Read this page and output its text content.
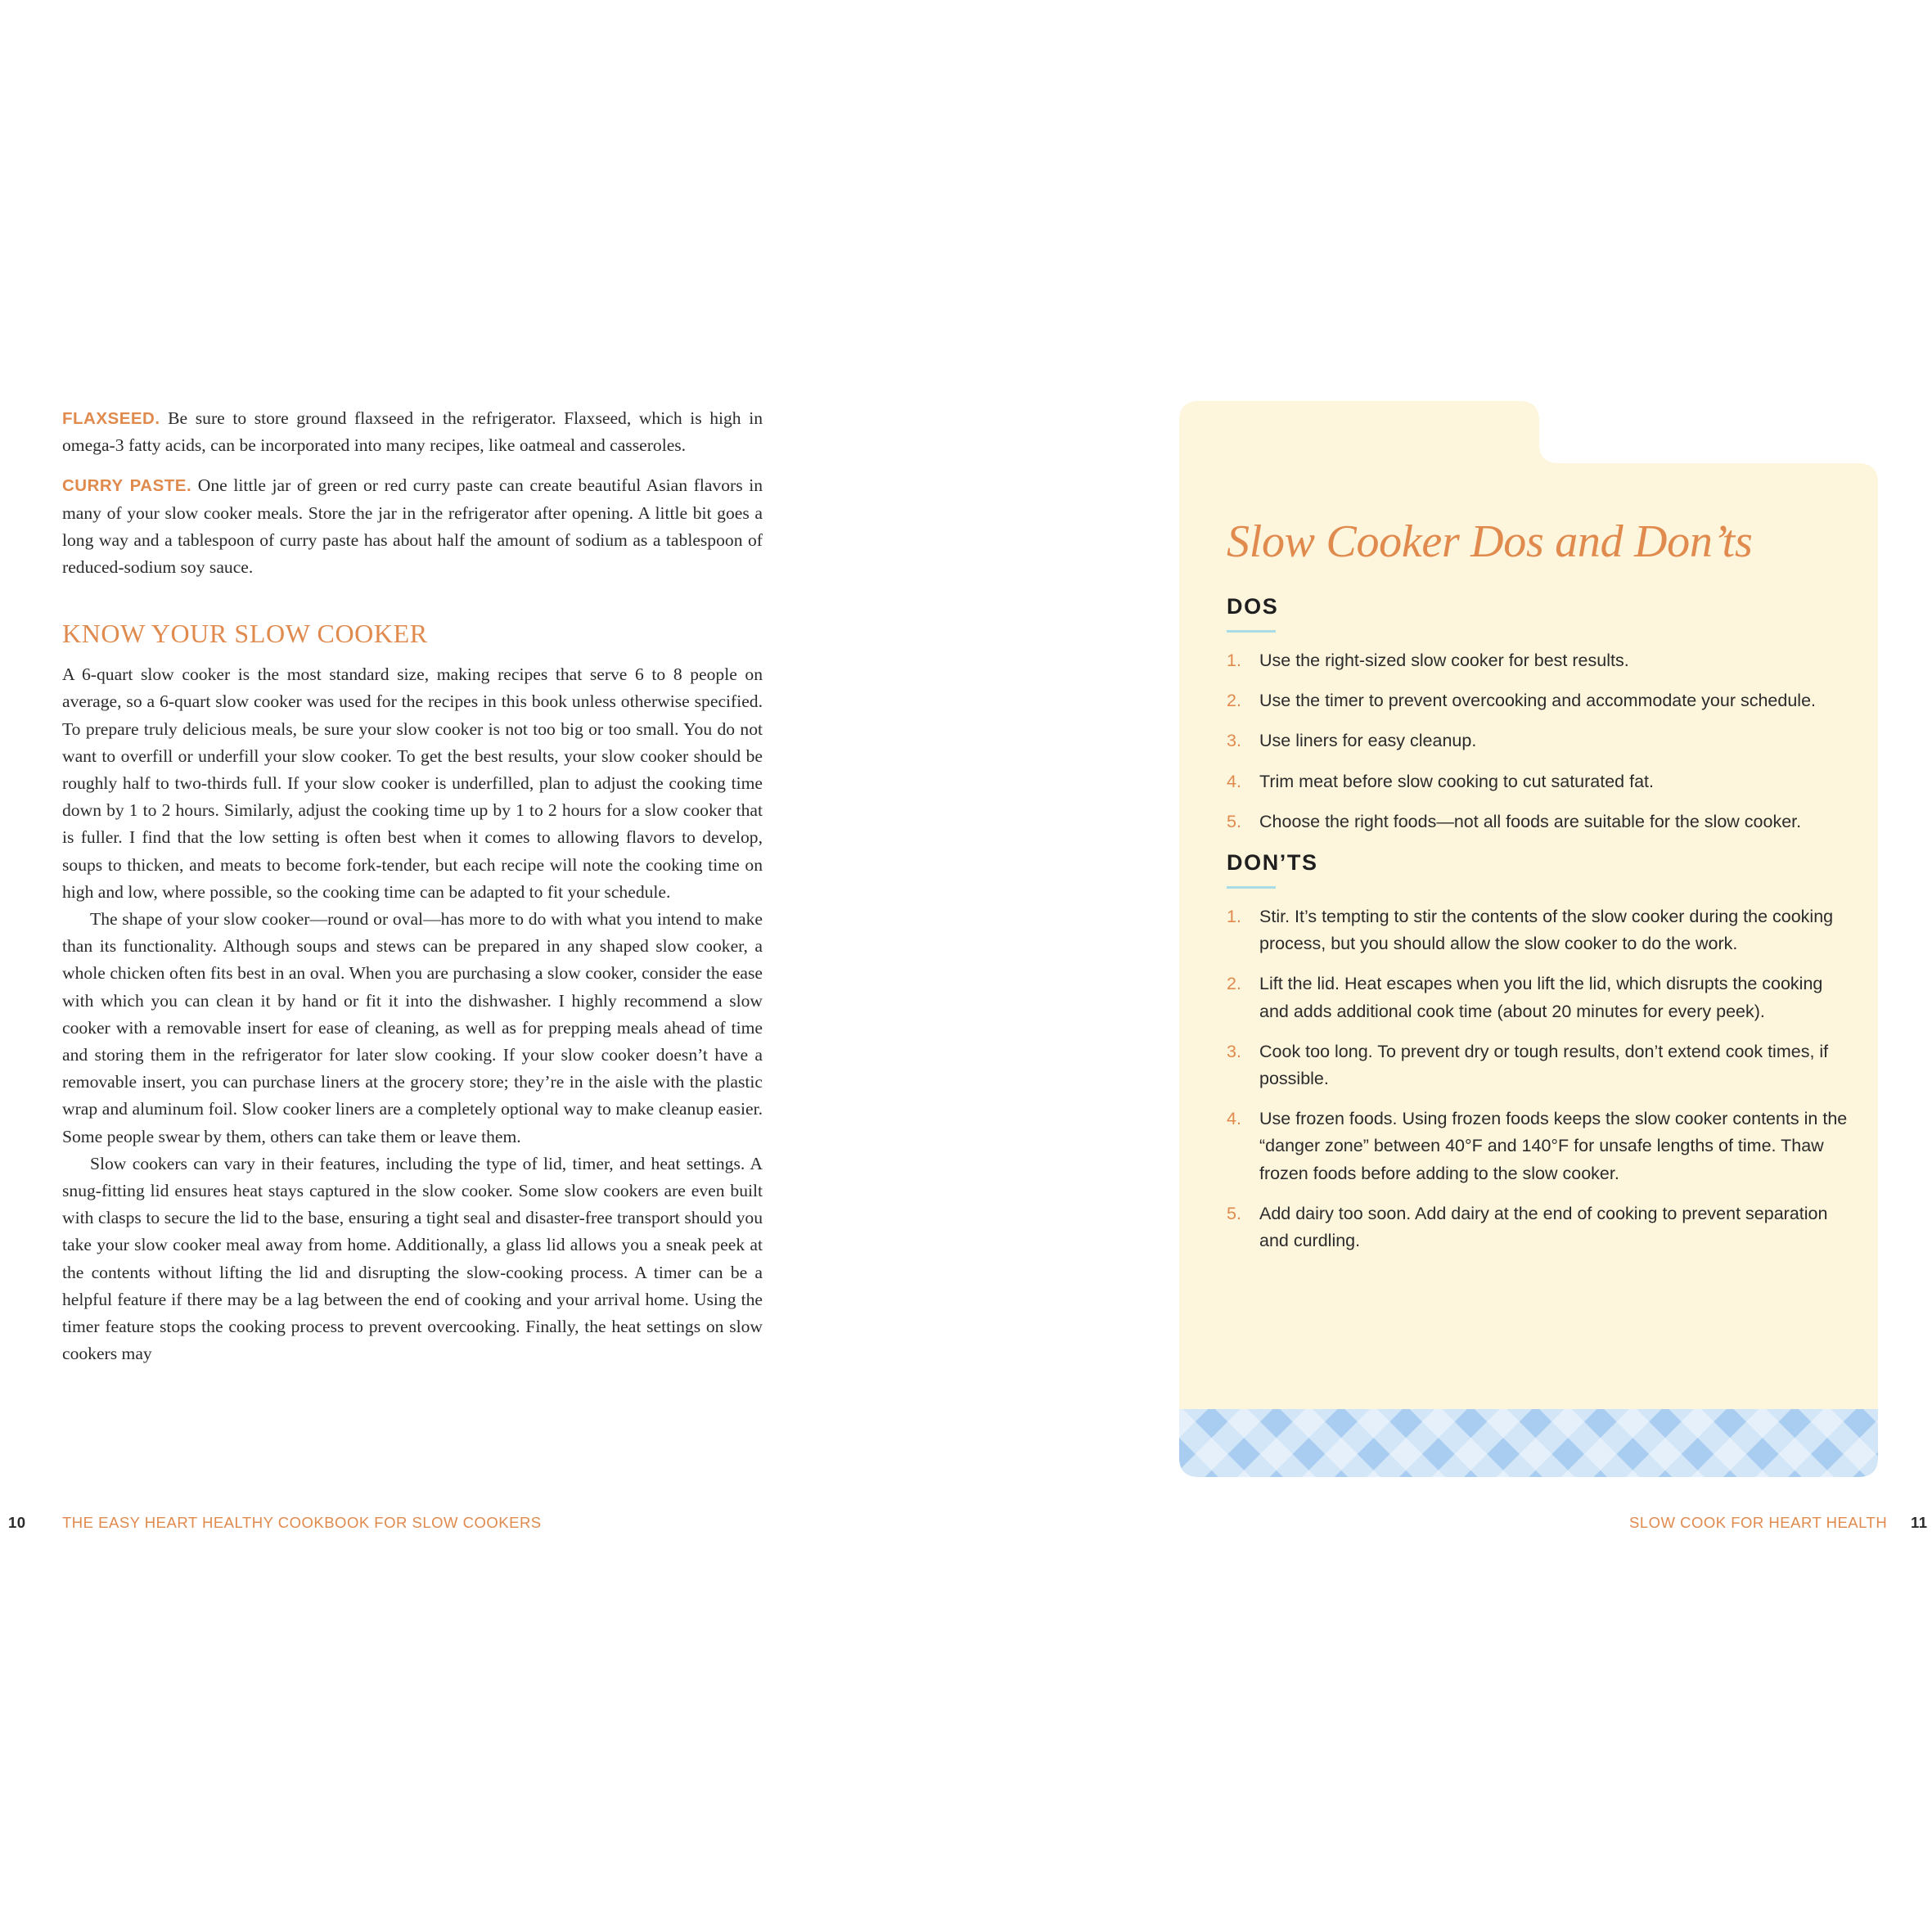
FLAXSEED. Be sure to store ground flaxseed in the refrigerator. Flaxseed, which is high in omega-3 fatty acids, can be incorporated into many recipes, like oatmeal and casseroles.

CURRY PASTE. One little jar of green or red curry paste can create beautiful Asian flavors in many of your slow cooker meals. Store the jar in the refrigerator after opening. A little bit goes a long way and a tablespoon of curry paste has about half the amount of sodium as a tablespoon of reduced-sodium soy sauce.

KNOW YOUR SLOW COOKER

A 6-quart slow cooker is the most standard size, making recipes that serve 6 to 8 people on average, so a 6-quart slow cooker was used for the recipes in this book unless otherwise specified. To prepare truly delicious meals, be sure your slow cooker is not too big or too small. You do not want to overfill or underfill your slow cooker. To get the best results, your slow cooker should be roughly half to two-thirds full. If your slow cooker is underfilled, plan to adjust the cooking time down by 1 to 2 hours. Similarly, adjust the cooking time up by 1 to 2 hours for a slow cooker that is fuller. I find that the low setting is often best when it comes to allowing flavors to develop, soups to thicken, and meats to become fork-tender, but each recipe will note the cooking time on high and low, where possible, so the cooking time can be adapted to fit your schedule.

The shape of your slow cooker—round or oval—has more to do with what you intend to make than its functionality. Although soups and stews can be prepared in any shaped slow cooker, a whole chicken often fits best in an oval. When you are purchasing a slow cooker, consider the ease with which you can clean it by hand or fit it into the dishwasher. I highly recommend a slow cooker with a removable insert for ease of cleaning, as well as for prepping meals ahead of time and storing them in the refrigerator for later slow cooking. If your slow cooker doesn’t have a removable insert, you can purchase liners at the grocery store; they’re in the aisle with the plastic wrap and aluminum foil. Slow cooker liners are a completely optional way to make cleanup easier. Some people swear by them, others can take them or leave them.

Slow cookers can vary in their features, including the type of lid, timer, and heat settings. A snug-fitting lid ensures heat stays captured in the slow cooker. Some slow cookers are even built with clasps to secure the lid to the base, ensuring a tight seal and disaster-free transport should you take your slow cooker meal away from home. Additionally, a glass lid allows you a sneak peek at the contents without lifting the lid and disrupting the slow-cooking process. A timer can be a helpful feature if there may be a lag between the end of cooking and your arrival home. Using the timer feature stops the cooking process to prevent overcooking. Finally, the heat settings on slow cookers may

10 THE EASY HEART HEALTHY COOKBOOK FOR SLOW COOKERS
Slow Cooker Dos and Don’ts
DOS
1.	Use the right-sized slow cooker for best results.
2.	Use the timer to prevent overcooking and accommodate your schedule.
3.	Use liners for easy cleanup.
4.	Trim meat before slow cooking to cut saturated fat.
5.	Choose the right foods—not all foods are suitable for the slow cooker.
DON’TS
1.	Stir. It’s tempting to stir the contents of the slow cooker during the cooking process, but you should allow the slow cooker to do the work.
2.	Lift the lid. Heat escapes when you lift the lid, which disrupts the cooking and adds additional cook time (about 20 minutes for every peek).
3.	Cook too long. To prevent dry or tough results, don’t extend cook times, if possible.
4.	Use frozen foods. Using frozen foods keeps the slow cooker contents in the “danger zone” between 40°F and 140°F for unsafe lengths of time. Thaw frozen foods before adding to the slow cooker.
5.	Add dairy too soon. Add dairy at the end of cooking to prevent separation and curdling.
SLOW COOK FOR HEART HEALTH 11
